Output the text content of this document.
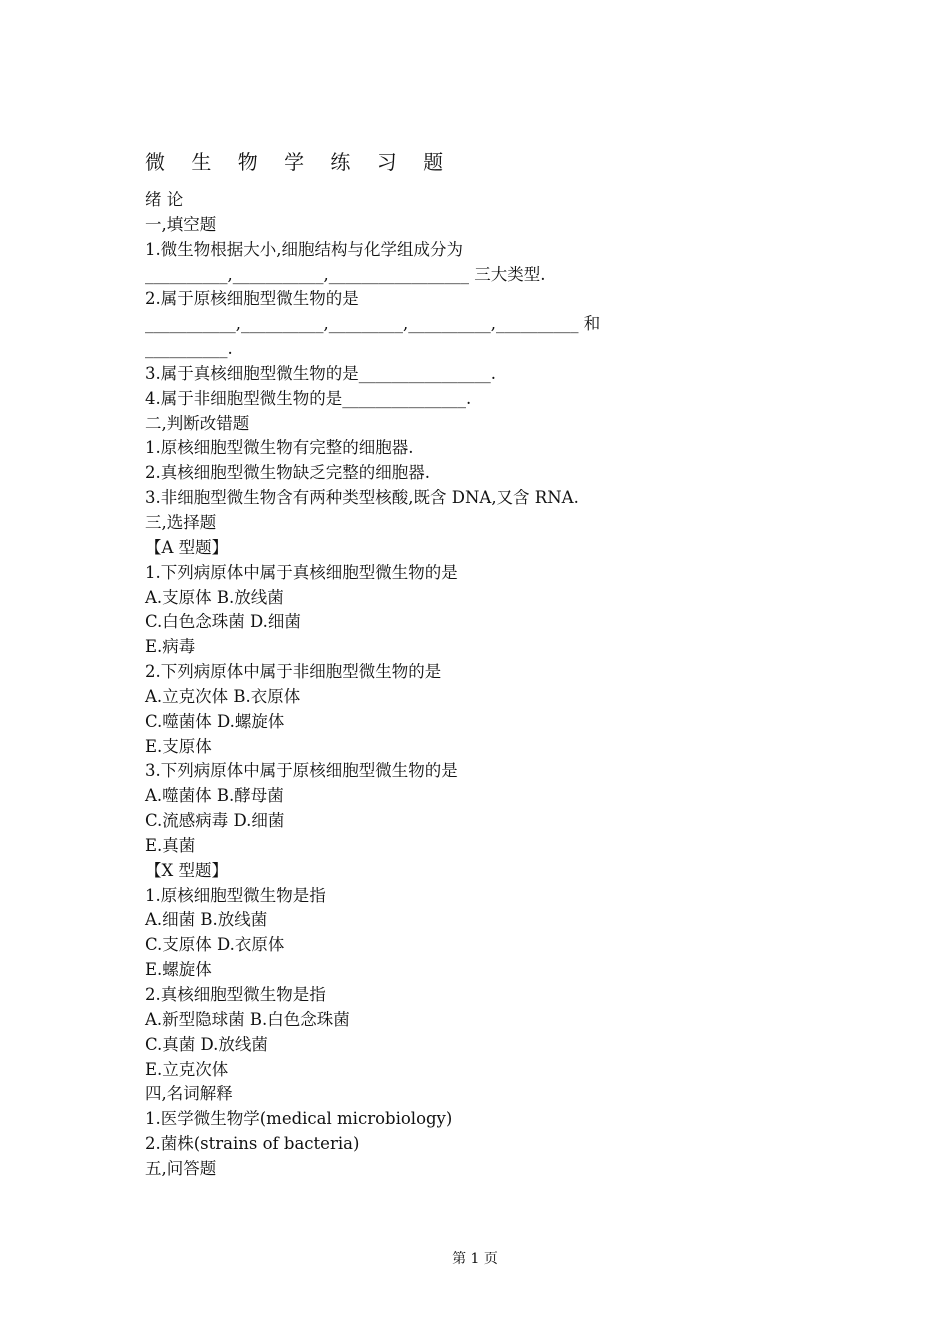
微 生 物 学 练 习 题
绪 论
一,填空题
1.微生物根据大小,细胞结构与化学组成分为
__________,___________,_________________ 三大类型.
2.属于原核细胞型微生物的是
___________,__________,_________,__________,__________ 和
__________.
3.属于真核细胞型微生物的是________________.
4.属于非细胞型微生物的是_______________.
二,判断改错题
1.原核细胞型微生物有完整的细胞器.
2.真核细胞型微生物缺乏完整的细胞器.
3.非细胞型微生物含有两种类型核酸,既含 DNA,又含 RNA.
三,选择题
【A 型题】
1.下列病原体中属于真核细胞型微生物的是
A.支原体 B.放线菌
C.白色念珠菌 D.细菌
E.病毒
2.下列病原体中属于非细胞型微生物的是
A.立克次体 B.衣原体
C.噬菌体 D.螺旋体
E.支原体
3.下列病原体中属于原核细胞型微生物的是
A.噬菌体 B.酵母菌
C.流感病毒 D.细菌
E.真菌
【X 型题】
1.原核细胞型微生物是指
A.细菌 B.放线菌
C.支原体 D.衣原体
E.螺旋体
2.真核细胞型微生物是指
A.新型隐球菌 B.白色念珠菌
C.真菌 D.放线菌
E.立克次体
四,名词解释
1.医学微生物学(medical microbiology)
2.菌株(strains of bacteria)
五,问答题
第 1 页
